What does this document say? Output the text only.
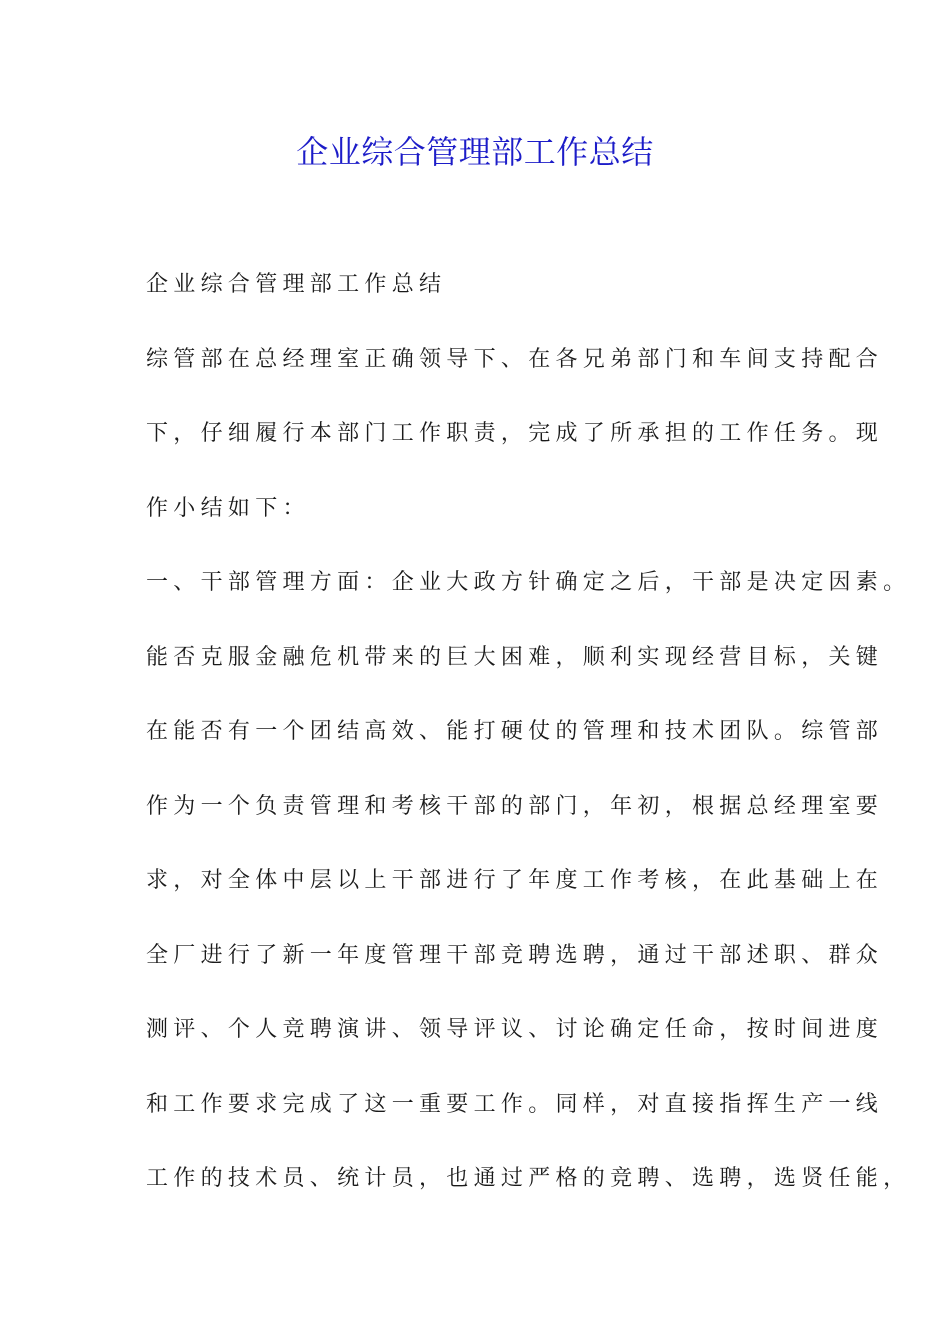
企业综合管理部工作总结
企业综合管理部工作总结
综管部在总经理室正确领导下、在各兄弟部门和车间支持配合
下，仔细履行本部门工作职责，完成了所承担的工作任务。现
作小结如下：
一、干部管理方面：企业大政方针确定之后，干部是决定因素。
能否克服金融危机带来的巨大困难，顺利实现经营目标，关键
在能否有一个团结高效、能打硬仗的管理和技术团队。综管部
作为一个负责管理和考核干部的部门，年初，根据总经理室要
求，对全体中层以上干部进行了年度工作考核，在此基础上在
全厂进行了新一年度管理干部竞聘选聘，通过干部述职、群众
测评、个人竞聘演讲、领导评议、讨论确定任命，按时间进度
和工作要求完成了这一重要工作。同样，对直接指挥生产一线
工作的技术员、统计员，也通过严格的竞聘、选聘，选贤任能，
